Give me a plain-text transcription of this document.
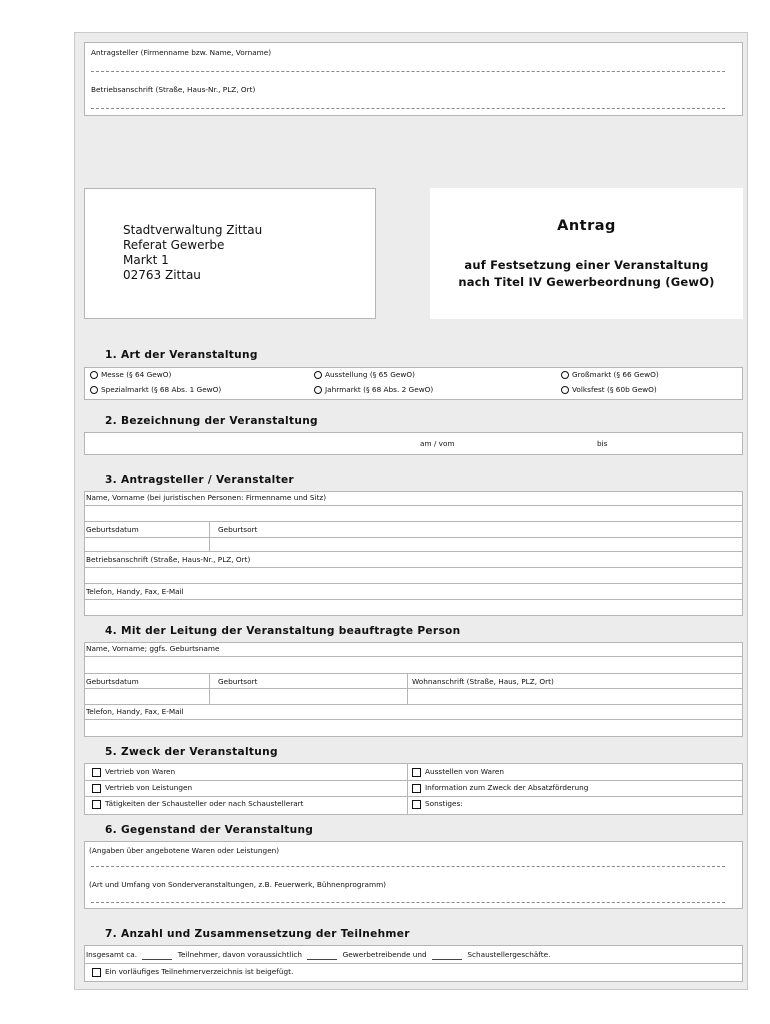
Antragsteller (Firmenname bzw. Name, Vorname)
Betriebsanschrift (Straße, Haus-Nr., PLZ, Ort)
Stadtverwaltung Zittau
Referat Gewerbe
Markt 1
02763 Zittau
Antrag
auf Festsetzung einer Veranstaltung
nach Titel IV Gewerbeordnung (GewO)
1. Art der Veranstaltung
Messe (§ 64 GewO)	Ausstellung (§ 65 GewO)	Großmarkt (§ 66 GewO)
Spezialmarkt (§ 68 Abs. 1 GewO)	Jahrmarkt (§ 68 Abs. 2 GewO)	Volksfest (§ 60b GewO)
2. Bezeichnung der Veranstaltung
am / vom	bis
3. Antragsteller / Veranstalter
Name, Vorname (bei juristischen Personen: Firmenname und Sitz)
Geburtsdatum	Geburtsort
Betriebsanschrift (Straße, Haus-Nr., PLZ, Ort)
Telefon, Handy, Fax, E-Mail
4. Mit der Leitung der Veranstaltung beauftragte Person
Name, Vorname; ggfs. Geburtsname
Geburtsdatum	Geburtsort	Wohnanschrift (Straße, Haus, PLZ, Ort)
Telefon, Handy, Fax, E-Mail
5. Zweck der Veranstaltung
Vertrieb von Waren	Ausstellen von Waren
Vertrieb von Leistungen	Information zum Zweck der Absatzförderung
Tätigkeiten der Schausteller oder nach Schaustellerart	Sonstiges:
6. Gegenstand der Veranstaltung
(Angaben über angebotene Waren oder Leistungen)
(Art und Umfang von Sonderveranstaltungen, z.B. Feuerwerk, Bühnenprogramm)
7. Anzahl und Zusammensetzung der Teilnehmer
Insgesamt ca.	Teilnehmer, davon voraussichtlich	Gewerbetreibende und	Schaustellergeschäfte.
Ein vorläufiges Teilnehmerverzeichnis ist beigefügt.
